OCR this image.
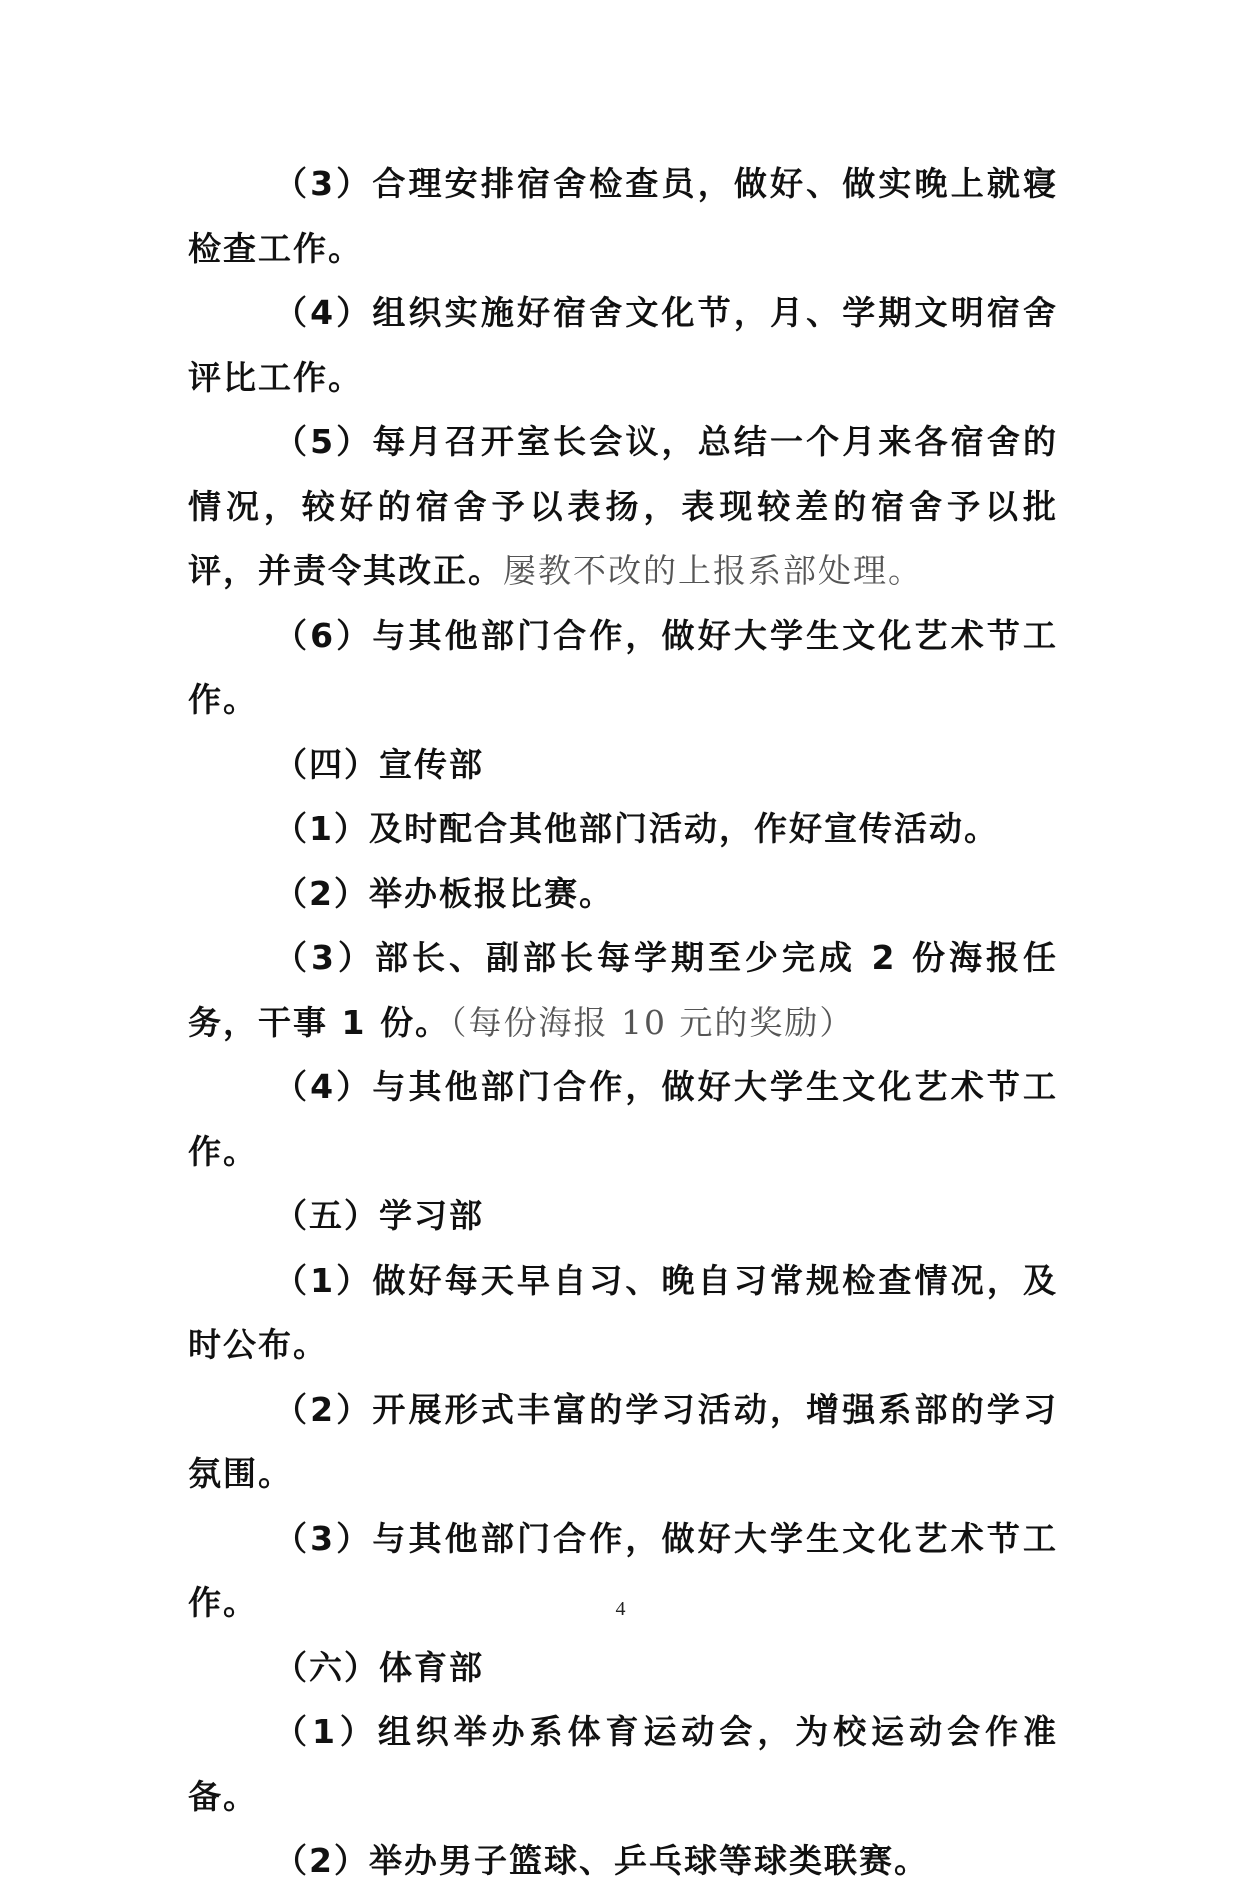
（3）合理安排宿舍检查员，做好、做实晚上就寝检查工作。

（4）组织实施好宿舍文化节，月、学期文明宿舍评比工作。

（5）每月召开室长会议，总结一个月来各宿舍的情况，较好的宿舍予以表扬，表现较差的宿舍予以批评，并责令其改正。屡教不改的上报系部处理。

（6）与其他部门合作，做好大学生文化艺术节工作。

（四）宣传部

（1）及时配合其他部门活动，作好宣传活动。

（2）举办板报比赛。

（3）部长、副部长每学期至少完成 2 份海报任务，干事 1 份。（每份海报 10 元的奖励）

（4）与其他部门合作，做好大学生文化艺术节工作。

（五）学习部

（1）做好每天早自习、晚自习常规检查情况，及时公布。

（2）开展形式丰富的学习活动，增强系部的学习氛围。

（3）与其他部门合作，做好大学生文化艺术节工作。

（六）体育部

（1）组织举办系体育运动会，为校运动会作准备。

（2）举办男子篮球、乒乓球等球类联赛。

4
